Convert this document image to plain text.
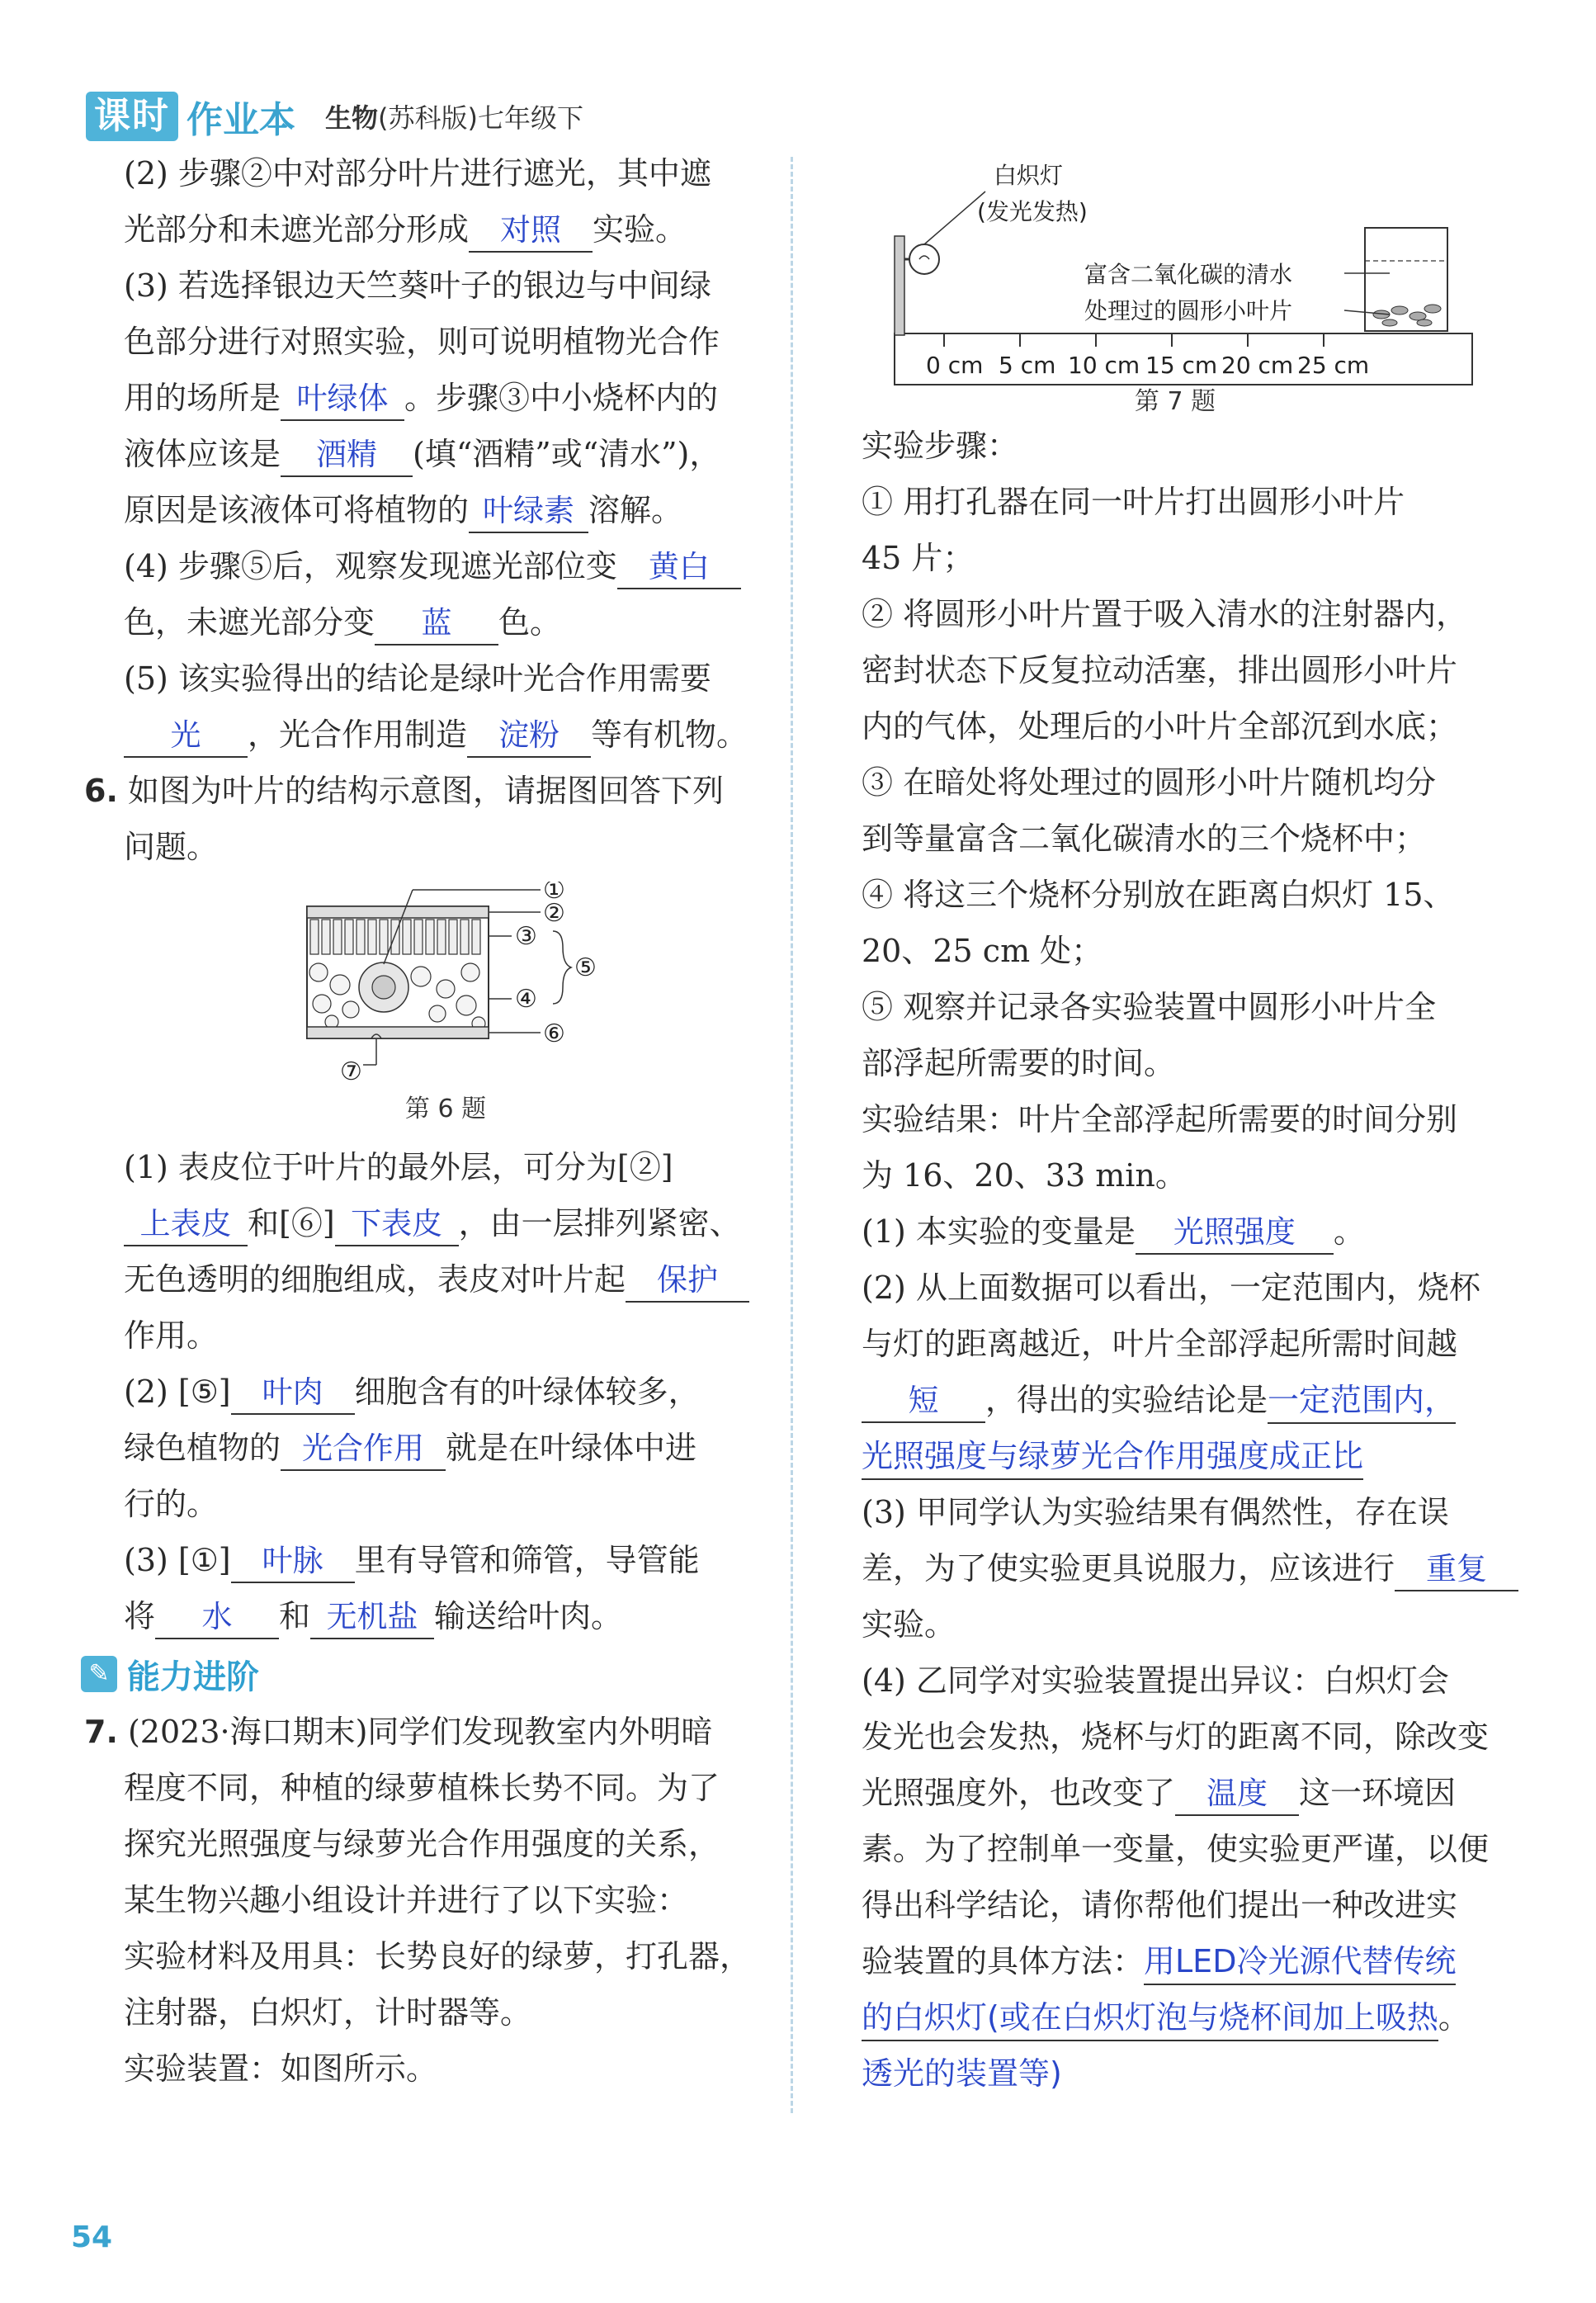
课时 作业本 生物(苏科版)七年级下
(2) 步骤②中对部分叶片进行遮光，其中遮
光部分和未遮光部分形成 对照 实验。
(3) 若选择银边天竺葵叶子的银边与中间绿
色部分进行对照实验，则可说明植物光合作
用的场所是 叶绿体 。步骤③中小烧杯内的
液体应该是 酒精 (填“酒精”或“清水”)，
原因是该液体可将植物的 叶绿素 溶解。
(4) 步骤⑤后，观察发现遮光部位变 黄白
色，未遮光部分变 蓝 色。
(5) 该实验得出的结论是绿叶光合作用需要
光 ，光合作用制造 淀粉 等有机物。
6. 如图为叶片的结构示意图，请据图回答下列
问题。
①
②
③
④
⑤
⑥
⑦
第 6 题
(1) 表皮位于叶片的最外层，可分为[②]
上表皮 和[⑥] 下表皮 ，由一层排列紧密、
无色透明的细胞组成，表皮对叶片起 保护
作用。
(2) [⑤] 叶肉 细胞含有的叶绿体较多，
绿色植物的 光合作用 就是在叶绿体中进
行的。
(3) [①] 叶脉 里有导管和筛管，导管能
将 水 和 无机盐 输送给叶肉。
✎ 能力进阶
7. (2023·海口期末)同学们发现教室内外明暗
程度不同，种植的绿萝植株长势不同。为了
探究光照强度与绿萝光合作用强度的关系，
某生物兴趣小组设计并进行了以下实验：
实验材料及用具：长势良好的绿萝，打孔器，
注射器，白炽灯，计时器等。
实验装置：如图所示。
白炽灯
(发光发热)
富含二氧化碳的清水
处理过的圆形小叶片
0 cm 5 cm 10 cm 15 cm 20 cm 25 cm
第 7 题
实验步骤：
① 用打孔器在同一叶片打出圆形小叶片
45 片；
② 将圆形小叶片置于吸入清水的注射器内，
密封状态下反复拉动活塞，排出圆形小叶片
内的气体，处理后的小叶片全部沉到水底；
③ 在暗处将处理过的圆形小叶片随机均分
到等量富含二氧化碳清水的三个烧杯中；
④ 将这三个烧杯分别放在距离白炽灯 15、
20、25 cm 处；
⑤ 观察并记录各实验装置中圆形小叶片全
部浮起所需要的时间。
实验结果：叶片全部浮起所需要的时间分别
为 16、20、33 min。
(1) 本实验的变量是 光照强度 。
(2) 从上面数据可以看出，一定范围内，烧杯
与灯的距离越近，叶片全部浮起所需时间越
短 ，得出的实验结论是一定范围内，
光照强度与绿萝光合作用强度成正比
(3) 甲同学认为实验结果有偶然性，存在误
差，为了使实验更具说服力，应该进行 重复
实验。
(4) 乙同学对实验装置提出异议：白炽灯会
发光也会发热，烧杯与灯的距离不同，除改变
光照强度外，也改变了 温度 这一环境因
素。为了控制单一变量，使实验更严谨，以便
得出科学结论，请你帮他们提出一种改进实
验装置的具体方法：用LED冷光源代替传统
的白炽灯(或在白炽灯泡与烧杯间加上吸热。
透光的装置等)
54
